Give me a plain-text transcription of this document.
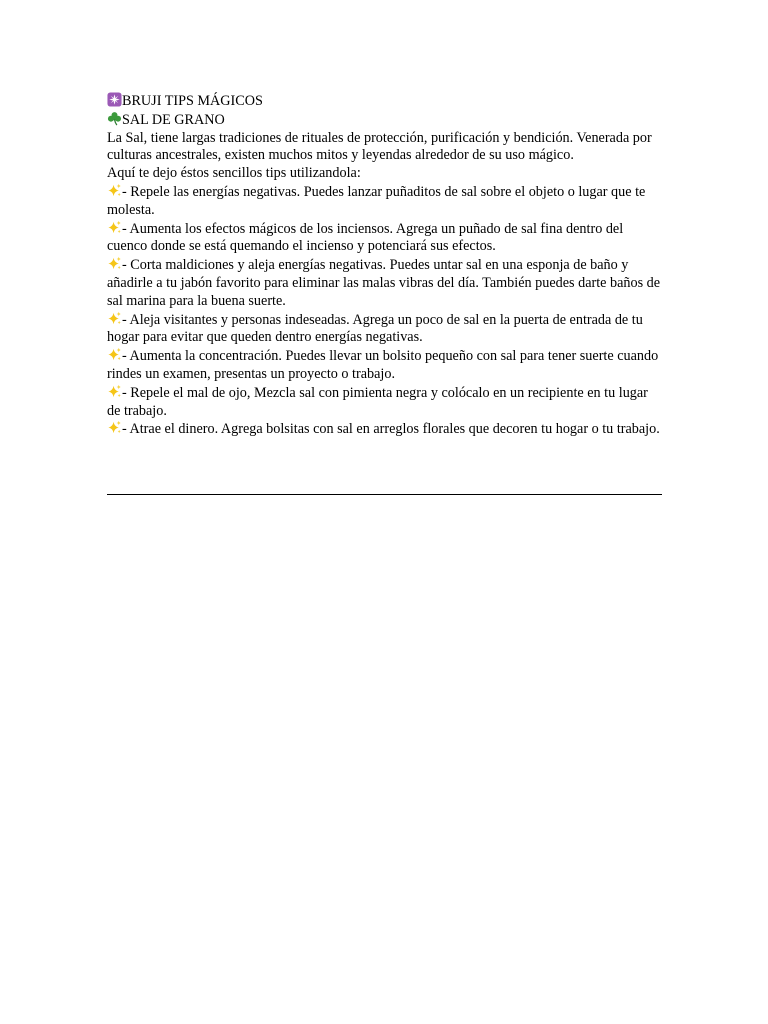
BRUJI TIPS MÁGICOS
SAL DE GRANO
La Sal, tiene largas tradiciones de rituales de protección, purificación y bendición. Venerada por culturas ancestrales, existen muchos mitos y leyendas alrededor de su uso mágico.
Aquí te dejo éstos sencillos tips utilizandola:
- Repele las energías negativas. Puedes lanzar puñaditos de sal sobre el objeto o lugar que te molesta.
- Aumenta los efectos mágicos de los inciensos. Agrega un puñado de sal fina dentro del cuenco donde se está quemando el incienso y potenciará sus efectos.
- Corta maldiciones y aleja energías negativas. Puedes untar sal en una esponja de baño y añadirle a tu jabón favorito para eliminar las malas vibras del día. También puedes darte baños de sal marina para la buena suerte.
- Aleja visitantes y personas indeseadas. Agrega un poco de sal en la puerta de entrada de tu hogar para evitar que queden dentro energías negativas.
- Aumenta la concentración. Puedes llevar un bolsito pequeño con sal para tener suerte cuando rindes un examen, presentas un proyecto o trabajo.
- Repele el mal de ojo, Mezcla sal con pimienta negra y colócalo en un recipiente en tu lugar de trabajo.
- Atrae el dinero. Agrega bolsitas con sal en arreglos florales que decoren tu hogar o tu trabajo.
